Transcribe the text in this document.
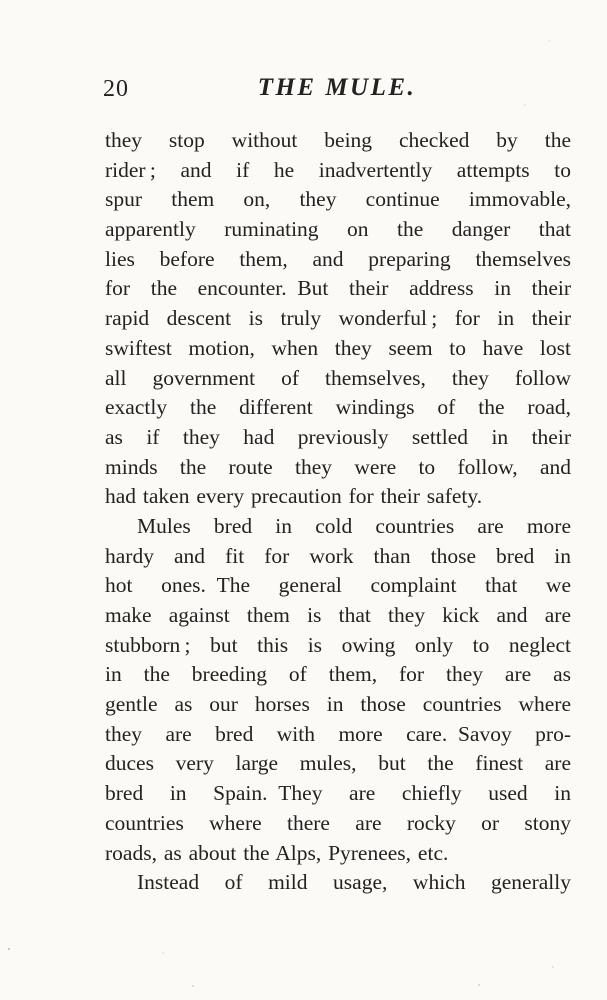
20	THE MULE.
they stop without being checked by the
rider ; and if he inadvertently attempts to
spur them on, they continue immovable,
apparently ruminating on the danger that
lies before them, and preparing themselves
for the encounter. But their address in their
rapid descent is truly wonderful ; for in their
swiftest motion, when they seem to have lost
all government of themselves, they follow
exactly the different windings of the road,
as if they had previously settled in their
minds the route they were to follow, and
had taken every precaution for their safety.
Mules bred in cold countries are more
hardy and fit for work than those bred in
hot ones. The general complaint that we
make against them is that they kick and are
stubborn ; but this is owing only to neglect
in the breeding of them, for they are as
gentle as our horses in those countries where
they are bred with more care. Savoy pro-
duces very large mules, but the finest are
bred in Spain. They are chiefly used in
countries where there are rocky or stony
roads, as about the Alps, Pyrenees, etc.
Instead of mild usage, which generally
